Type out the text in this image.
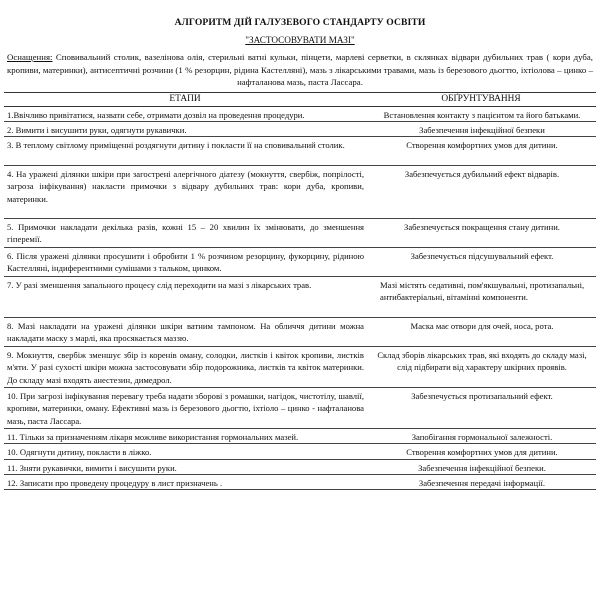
АЛГОРИТМ ДІЙ ГАЛУЗЕВОГО СТАНДАРТУ ОСВІТИ
"ЗАСТОСОВУВАТИ МАЗІ"
Оснащення: Сповивальний столик, вазелінова олія, стерильні ватні кульки, пінцети, марлеві серветки, в склянках відвари дубильних трав ( кори дуба, кропиви, материнки), антисептичні розчини (1 % резорцин, рідина Кастелляні), мазь з лікарськими травами, мазь із березового дьогтю, іхтіолова – цинко – нафталанова мазь, паста Лассара.
ЕТАПИ	ОБҐРУНТУВАННЯ
1.Ввічливо привітатися, назвати себе, отримати дозвіл на проведення процедури.	Встановлення контакту з пацієнтом та його батьками.
2. Вимити і висушити руки, одягнути рукавички.	Забезпечення інфекційної безпеки
3. В теплому світлому приміщенні роздягнути дитину і покласти її на сповивальний столик.	Створення комфортних умов для дитини.
4. На ураженi дiлянки шкiри при загострені алергічного діатезу (мокнуття, свербіж, попрілості, загроза інфікування) накласти примочки з відвару дубильних трав: кори дуба, кропиви, материнки.	Забезпечується дубильний ефект відварів.
5. Примочки накладати декілька разів, кожні 15 – 20 хвилин їх змінювати, до зменшення гіперемії.	Забезпечується покращення стану дитини.
6. Після ураженi дiлянки просушити і обробити 1 % розчином резорцину, фукорцину, рідиною Кастелляні, індиферентними сумішами з тальком, цинком.	Забезпечується підсушувальний ефект.
7. У разі зменшення запального процесу слід переходити на мазі з лікарських трав.	Мазі містять седативні, пом'якшувальні, протизапальні, антибактеріальні, вітамінні компоненти.
8. Мазі накладати на уражені ділянки шкіри ватним тампоном. На обличчя дитини можна накладати маску з марлі, яка просякається маззю.	Маска має отвори для очей, носа, рота.
9. Мокнуття, свербіж зменшує збір із коренів оману, солодки, листків і квіток кропиви, листків м'яти. У разі сухості шкіри можна застосовувати збір подорожника, листків та квіток материнки. До складу мазі входять анестезин, димедрол.	Склад зборів лікарських трав, які входять до складу мазі, слід підбирати від характеру шкірних проявів.
10. При загрозі інфікування перевагу треба надати зборові з ромашки, нагідок, чистотілу, шавлії, кропиви, материнки, оману. Ефективні мазь із березового дьогтю, іхтіоло – цинко - нафталанова мазь, паста Лассара.	Забезпечується протизапальний ефект.
11. Тільки за призначенням лікаря можливе використання гормональних мазей.	Запобігання гормональної залежності.
10. Одягнути дитину, покласти в ліжко.	Створення комфортних умов для дитини.
11. Зняти рукавички, вимити і висушити руки.	Забезпечення інфекційної безпеки.
12. Записати про проведену процедуру в лист призначень .	Забезпечення передачі інформації.
